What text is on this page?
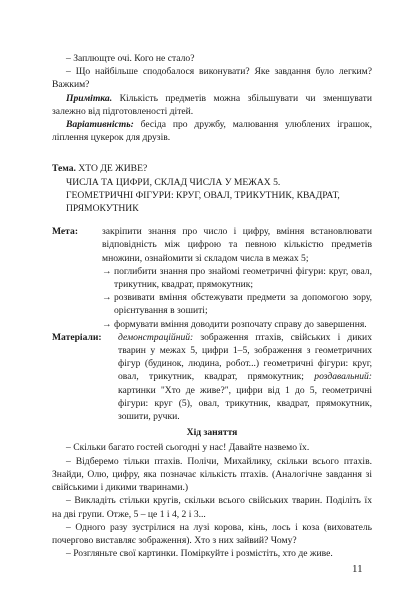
– Заплющте очі. Кого не стало?

– Що найбільше сподобалося виконувати? Яке завдання було легким? Важким?

Примітка. Кількість предметів можна збільшувати чи зменшувати залежно від підготовленості дітей.

Варіативність: бесіда про дружбу, малювання улюблених іграшок, ліплення цукерок для друзів.

Тема. ХТО ДЕ ЖИВЕ?

ЧИСЛА ТА ЦИФРИ, СКЛАД ЧИСЛА У МЕЖАХ 5.

ГЕОМЕТРИЧНІ ФІГУРИ: КРУГ, ОВАЛ, ТРИКУТНИК, КВАДРАТ, ПРЯМОКУТНИК

Мета:	закріпити знання про число і цифру, вміння встановлювати відповідність між цифрою та певною кількістю предметів множини, ознайомити зі складом числа в межах 5;
→ поглибити знання про знайомі геометричні фігури: круг, овал, трикутник, квадрат, прямокутник;
→ розвивати вміння обстежувати предмети за допомогою зору, орієнтування в зошиті;
→ формувати вміння доводити розпочату справу до завершення.
Матеріали:	демонстраційний: зображення птахів, свійських і диких тварин у межах 5, цифри 1–5, зображення з геометричних фігур (будинок, людина, робот...) геометричні фігури: круг, овал, трикутник, квадрат, прямокутник; роздавальний: картинки "Хто де живе?", цифри від 1 до 5, геометричні фігури: круг (5), овал, трикутник, квадрат, прямокутник, зошити, ручки.

Хід заняття

– Скільки багато гостей сьогодні у нас! Давайте назвемо їх.

– Відберемо тільки птахів. Полічи, Михайлику, скільки всього птахів. Знайди, Олю, цифру, яка позначає кількість птахів. (Аналогічне завдання зі свійськими і дикими тваринами.)

– Викладіть стільки кругів, скільки всього свійських тварин. Поділіть їх на дві групи. Отже, 5 – це 1 і 4, 2 і 3...

– Одного разу зустрілися на лузі корова, кінь, лось і коза (вихователь почергово виставляє зображення). Хто з них зайвий? Чому?

– Розгляньте свої картинки. Поміркуйте і розмістіть, хто де живе.

11
